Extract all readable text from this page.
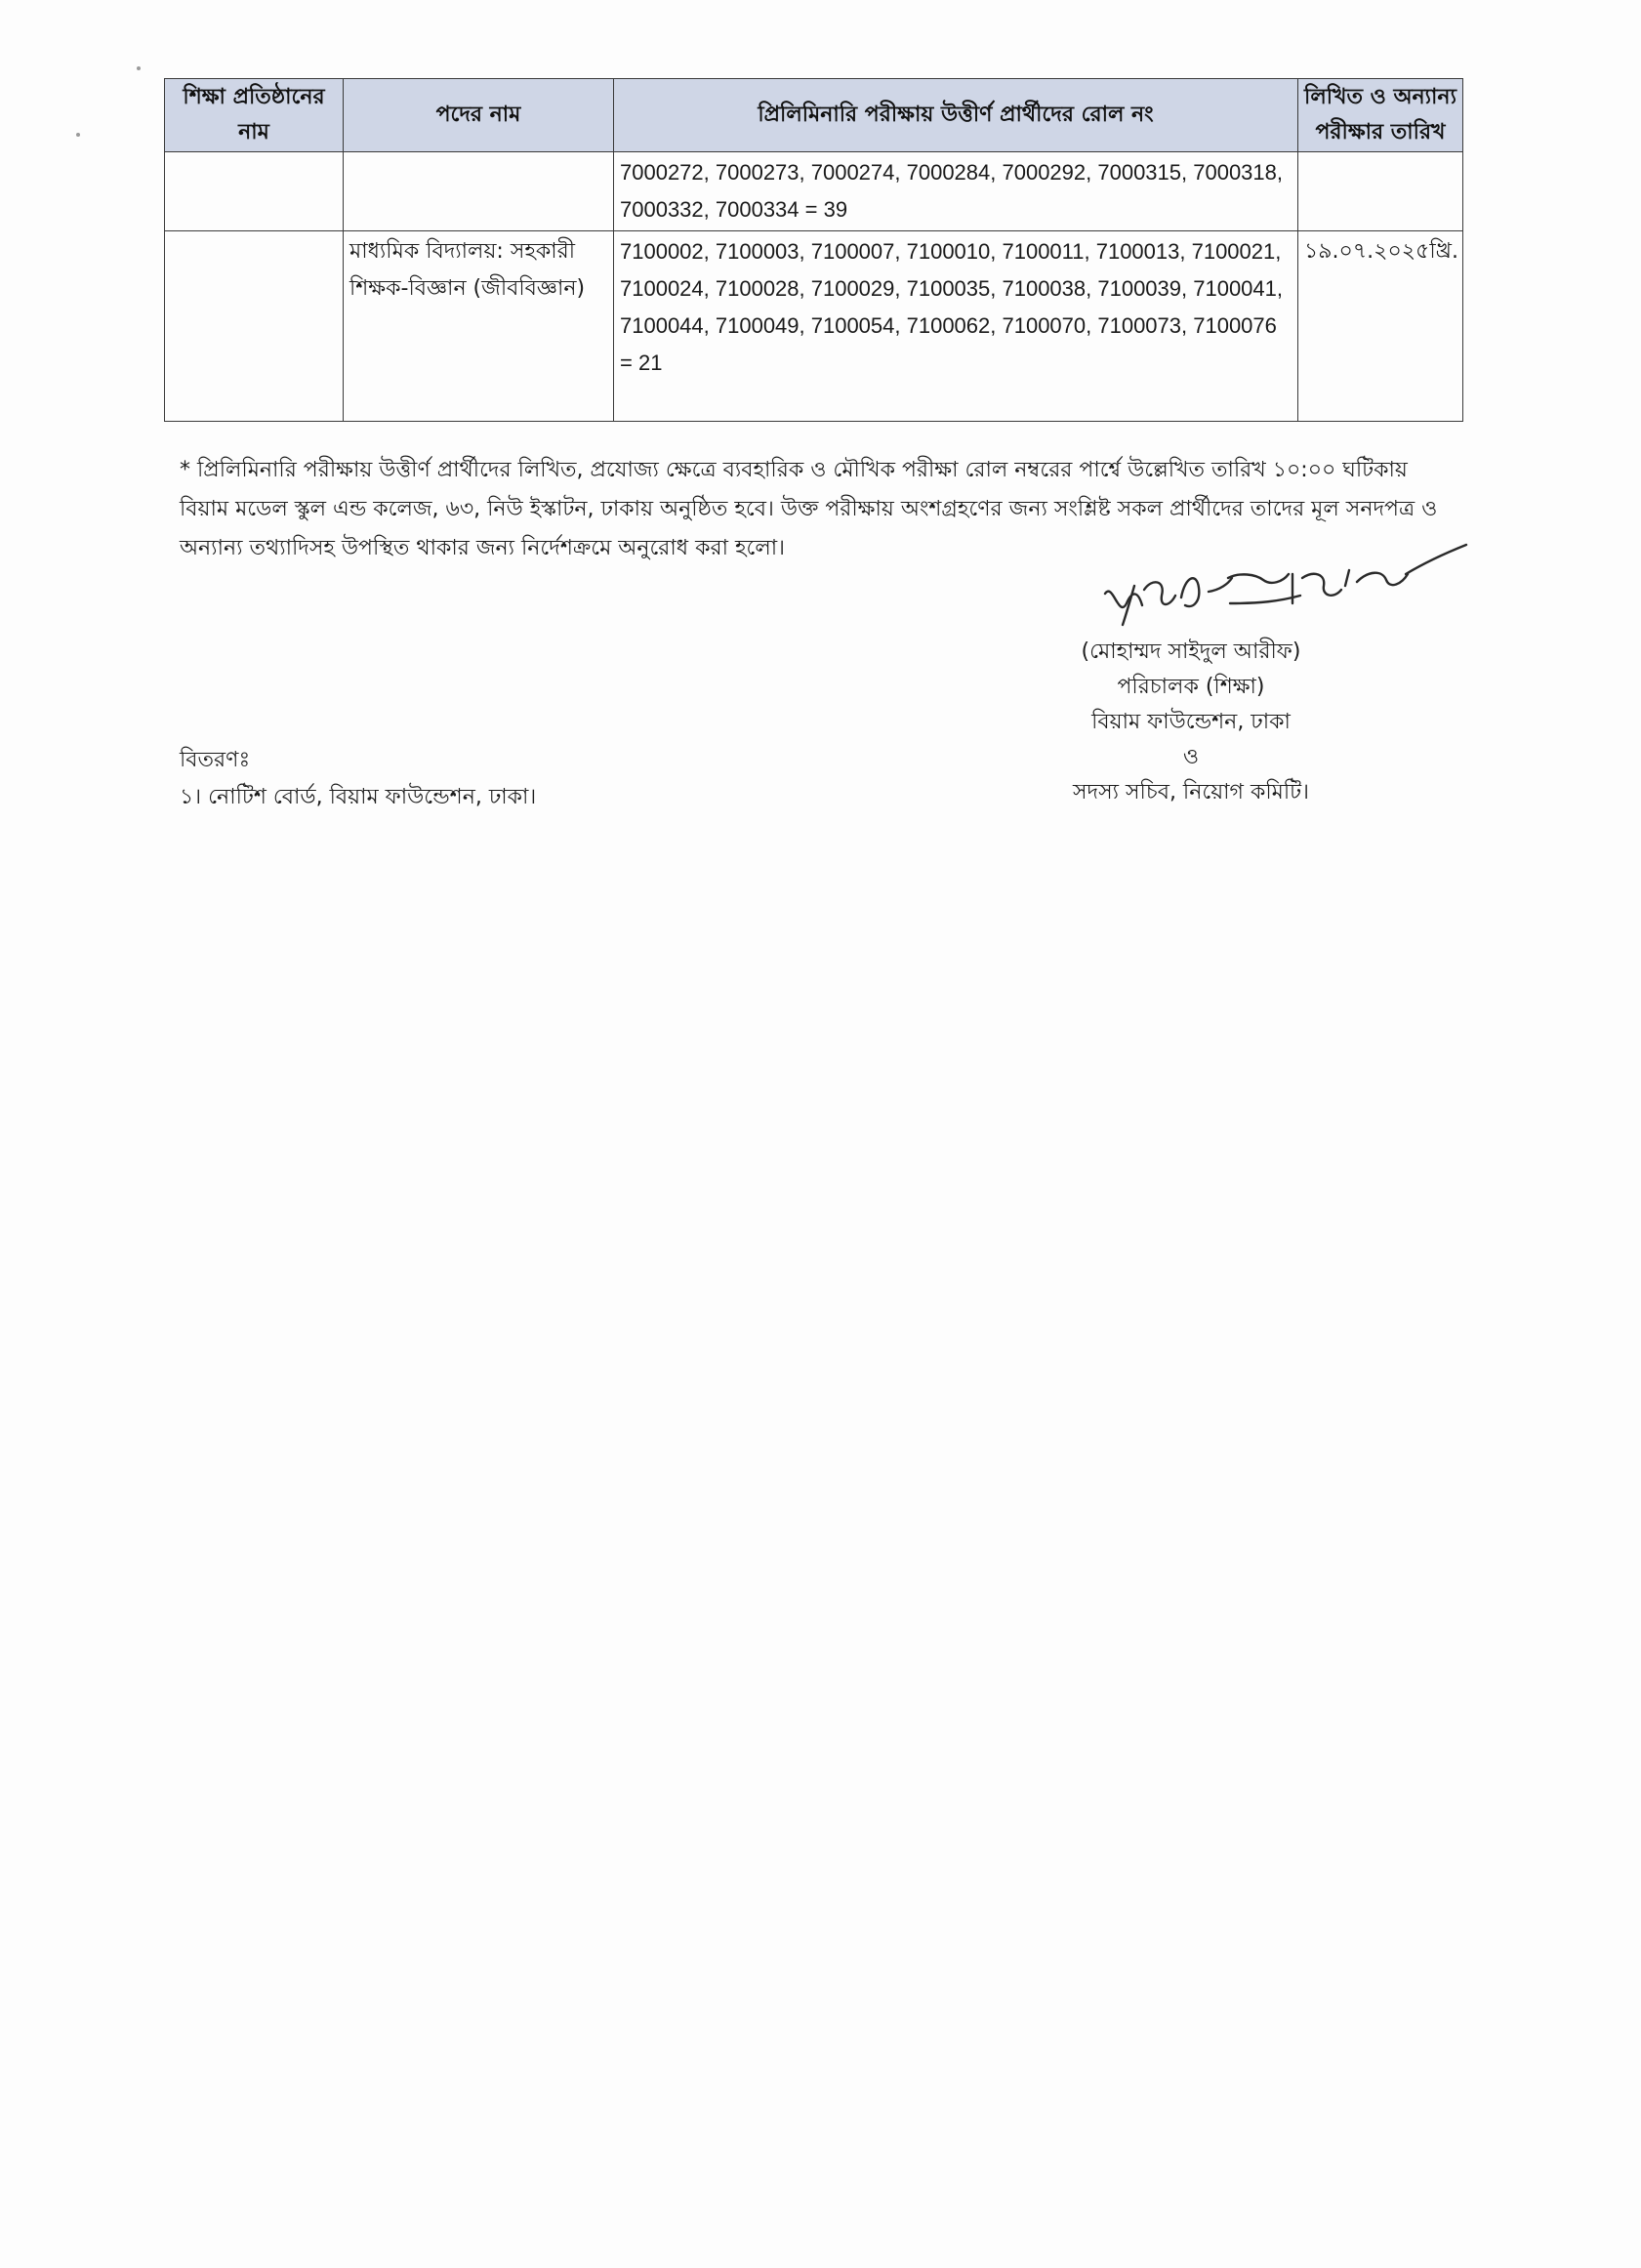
শিক্ষা প্রতিষ্ঠানের নাম	পদের নাম	প্রিলিমিনারি পরীক্ষায় উত্তীর্ণ প্রার্থীদের রোল নং	লিখিত ও অন্যান্য পরীক্ষার তারিখ
		7000272, 7000273, 7000274, 7000284, 7000292, 7000315, 7000318, 7000332, 7000334 = 39	
	মাধ্যমিক বিদ্যালয়: সহকারী শিক্ষক-বিজ্ঞান (জীববিজ্ঞান)	7100002, 7100003, 7100007, 7100010, 7100011, 7100013, 7100021, 7100024, 7100028, 7100029, 7100035, 7100038, 7100039, 7100041, 7100044, 7100049, 7100054, 7100062, 7100070, 7100073, 7100076 = 21	১৯.০৭.২০২৫খ্রি.

* প্রিলিমিনারি পরীক্ষায় উত্তীর্ণ প্রার্থীদের লিখিত, প্রযোজ্য ক্ষেত্রে ব্যবহারিক ও মৌখিক পরীক্ষা রোল নম্বরের পার্শ্বে উল্লেখিত তারিখ ১০:০০ ঘটিকায় বিয়াম মডেল স্কুল এন্ড কলেজ, ৬৩, নিউ ইস্কাটন, ঢাকায় অনুষ্ঠিত হবে। উক্ত পরীক্ষায় অংশগ্রহণের জন্য সংশ্লিষ্ট সকল প্রার্থীদের তাদের মূল সনদপত্র ও অন্যান্য তথ্যাদিসহ উপস্থিত থাকার জন্য নির্দেশক্রমে অনুরোধ করা হলো।

(মোহাম্মদ সাইদুল আরীফ)
পরিচালক (শিক্ষা)
বিয়াম ফাউন্ডেশন, ঢাকা
ও
সদস্য সচিব, নিয়োগ কমিটি।
বিতরণঃ
১। নোটিশ বোর্ড, বিয়াম ফাউন্ডেশন, ঢাকা।
